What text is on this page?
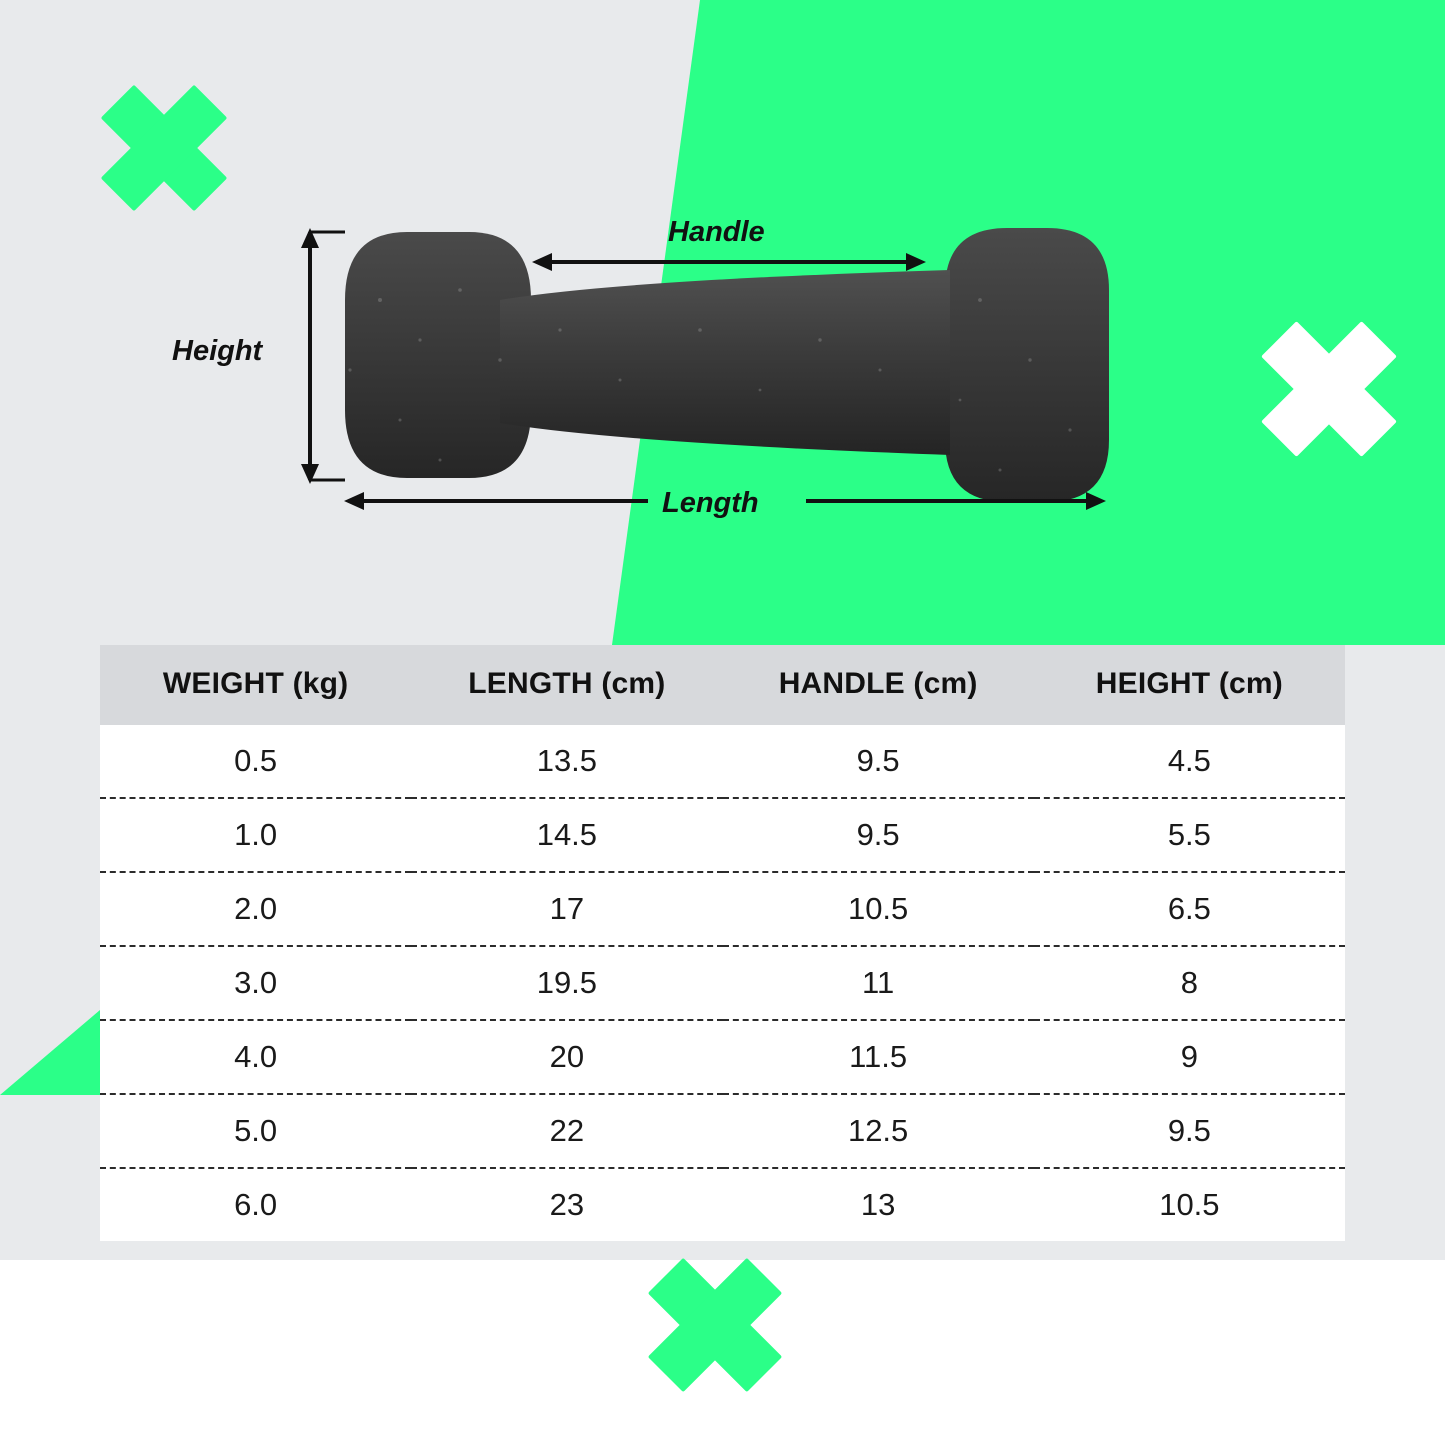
Height
Handle
Length
WEIGHT (kg)	LENGTH (cm)	HANDLE (cm)	HEIGHT (cm)
0.5	13.5	9.5	4.5
1.0	14.5	9.5	5.5
2.0	17	10.5	6.5
3.0	19.5	11	8
4.0	20	11.5	9
5.0	22	12.5	9.5
6.0	23	13	10.5
